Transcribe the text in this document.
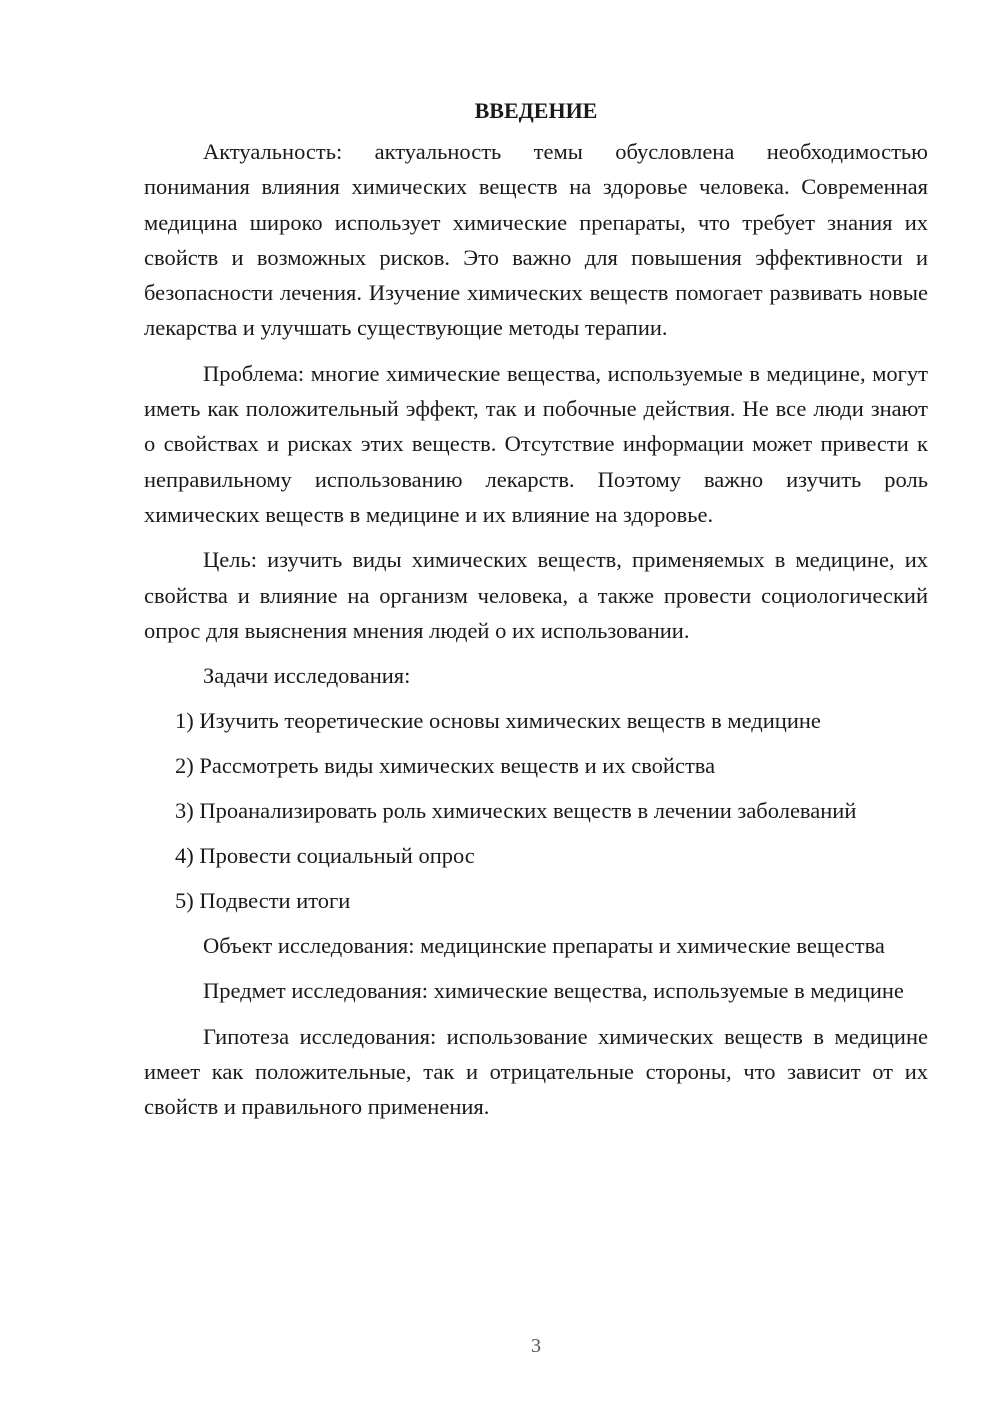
ВВЕДЕНИЕ

Актуальность: актуальность темы обусловлена необходимостью понимания влияния химических веществ на здоровье человека. Современная медицина широко использует химические препараты, что требует знания их свойств и возможных рисков. Это важно для повышения эффективности и безопасности лечения. Изучение химических веществ помогает развивать новые лекарства и улучшать существующие методы терапии.

Проблема: многие химические вещества, используемые в медицине, могут иметь как положительный эффект, так и побочные действия. Не все люди знают о свойствах и рисках этих веществ. Отсутствие информации может привести к неправильному использованию лекарств. Поэтому важно изучить роль химических веществ в медицине и их влияние на здоровье.

Цель: изучить виды химических веществ, применяемых в медицине, их свойства и влияние на организм человека, а также провести социологический опрос для выяснения мнения людей о их использовании.

Задачи исследования:

1) Изучить теоретические основы химических веществ в медицине

2) Рассмотреть виды химических веществ и их свойства

3) Проанализировать роль химических веществ в лечении заболеваний

4) Провести социальный опрос

5) Подвести итоги

Объект исследования: медицинские препараты и химические вещества

Предмет исследования: химические вещества, используемые в медицине

Гипотеза исследования: использование химических веществ в медицине имеет как положительные, так и отрицательные стороны, что зависит от их свойств и правильного применения.

3
